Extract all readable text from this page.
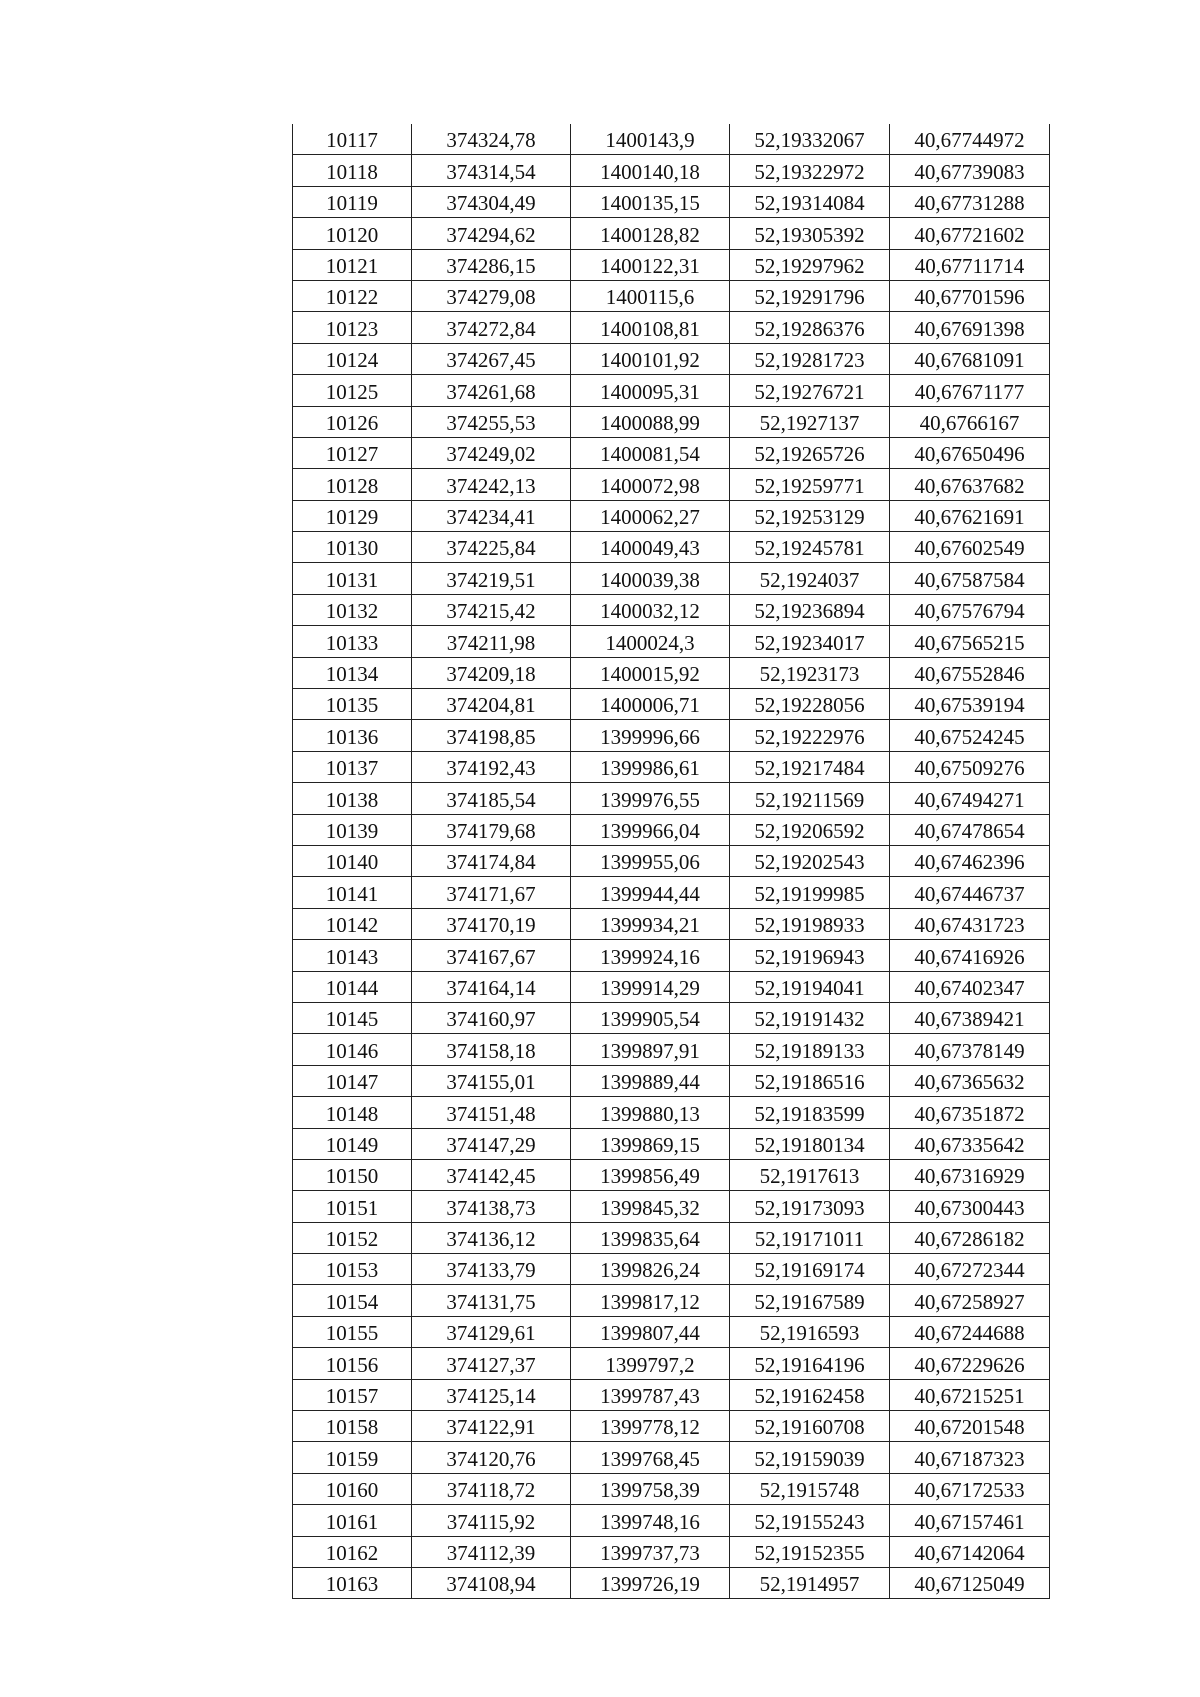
10117	374324,78	1400143,9	52,19332067	40,67744972
10118	374314,54	1400140,18	52,19322972	40,67739083
10119	374304,49	1400135,15	52,19314084	40,67731288
10120	374294,62	1400128,82	52,19305392	40,67721602
10121	374286,15	1400122,31	52,19297962	40,67711714
10122	374279,08	1400115,6	52,19291796	40,67701596
10123	374272,84	1400108,81	52,19286376	40,67691398
10124	374267,45	1400101,92	52,19281723	40,67681091
10125	374261,68	1400095,31	52,19276721	40,67671177
10126	374255,53	1400088,99	52,1927137	40,6766167
10127	374249,02	1400081,54	52,19265726	40,67650496
10128	374242,13	1400072,98	52,19259771	40,67637682
10129	374234,41	1400062,27	52,19253129	40,67621691
10130	374225,84	1400049,43	52,19245781	40,67602549
10131	374219,51	1400039,38	52,1924037	40,67587584
10132	374215,42	1400032,12	52,19236894	40,67576794
10133	374211,98	1400024,3	52,19234017	40,67565215
10134	374209,18	1400015,92	52,1923173	40,67552846
10135	374204,81	1400006,71	52,19228056	40,67539194
10136	374198,85	1399996,66	52,19222976	40,67524245
10137	374192,43	1399986,61	52,19217484	40,67509276
10138	374185,54	1399976,55	52,19211569	40,67494271
10139	374179,68	1399966,04	52,19206592	40,67478654
10140	374174,84	1399955,06	52,19202543	40,67462396
10141	374171,67	1399944,44	52,19199985	40,67446737
10142	374170,19	1399934,21	52,19198933	40,67431723
10143	374167,67	1399924,16	52,19196943	40,67416926
10144	374164,14	1399914,29	52,19194041	40,67402347
10145	374160,97	1399905,54	52,19191432	40,67389421
10146	374158,18	1399897,91	52,19189133	40,67378149
10147	374155,01	1399889,44	52,19186516	40,67365632
10148	374151,48	1399880,13	52,19183599	40,67351872
10149	374147,29	1399869,15	52,19180134	40,67335642
10150	374142,45	1399856,49	52,1917613	40,67316929
10151	374138,73	1399845,32	52,19173093	40,67300443
10152	374136,12	1399835,64	52,19171011	40,67286182
10153	374133,79	1399826,24	52,19169174	40,67272344
10154	374131,75	1399817,12	52,19167589	40,67258927
10155	374129,61	1399807,44	52,1916593	40,67244688
10156	374127,37	1399797,2	52,19164196	40,67229626
10157	374125,14	1399787,43	52,19162458	40,67215251
10158	374122,91	1399778,12	52,19160708	40,67201548
10159	374120,76	1399768,45	52,19159039	40,67187323
10160	374118,72	1399758,39	52,1915748	40,67172533
10161	374115,92	1399748,16	52,19155243	40,67157461
10162	374112,39	1399737,73	52,19152355	40,67142064
10163	374108,94	1399726,19	52,1914957	40,67125049
